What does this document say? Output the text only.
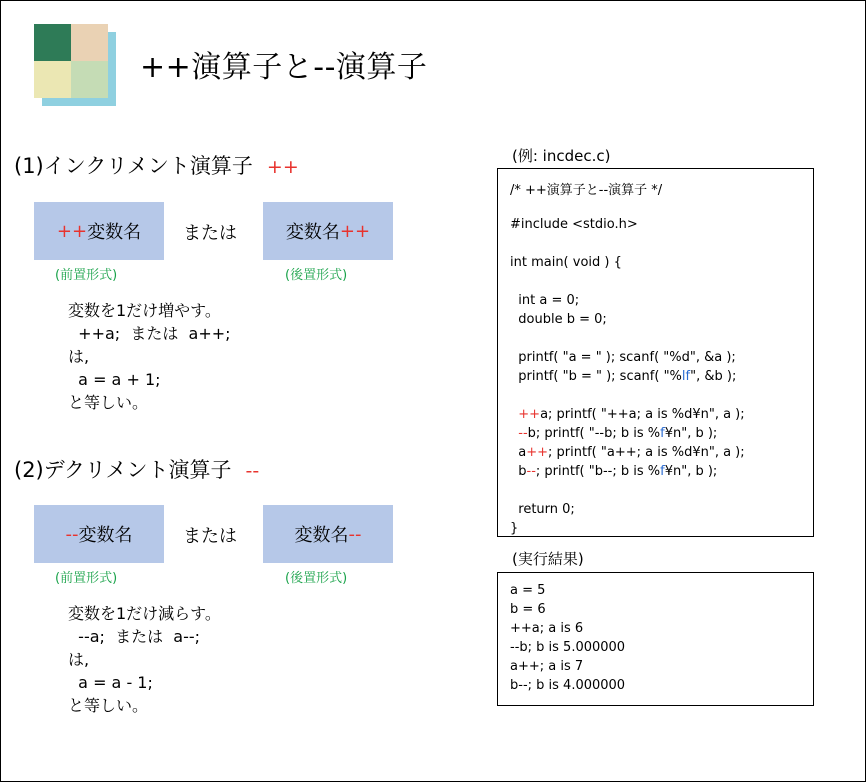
++演算子と--演算子
(1)インクリメント演算子 ++
++ 変数名 または	変数名 ++
(前置形式)	(後置形式)
変数を1だけ増やす。
++a;  または  a++;
は,
a = a + 1;
と等しい。
(2)デクリメント演算子 --
-- 変数名	または	変数名 --
(前置形式)	(後置形式)
変数を1だけ減らす。
--a;  または  a--;
は,
a = a - 1;
と等しい。
(例: incdec.c)
/* ++演算子と--演算子 */
#include <stdio.h>
int main( void ) {
int a = 0;
double b = 0;
printf( "a = " ); scanf( "%d", &a );
printf( "b = " ); scanf( "%lf", &b );
++a; printf( "++a; a is %d¥n", a );
--b; printf( "--b; b is %f¥n", b );
a++; printf( "a++; a is %d¥n", a );
b--; printf( "b--; b is %f¥n", b );
return 0;
}
(実行結果)
a = 5
b = 6
++a; a is 6
--b; b is 5.000000
a++; a is 7
b--; b is 4.000000
